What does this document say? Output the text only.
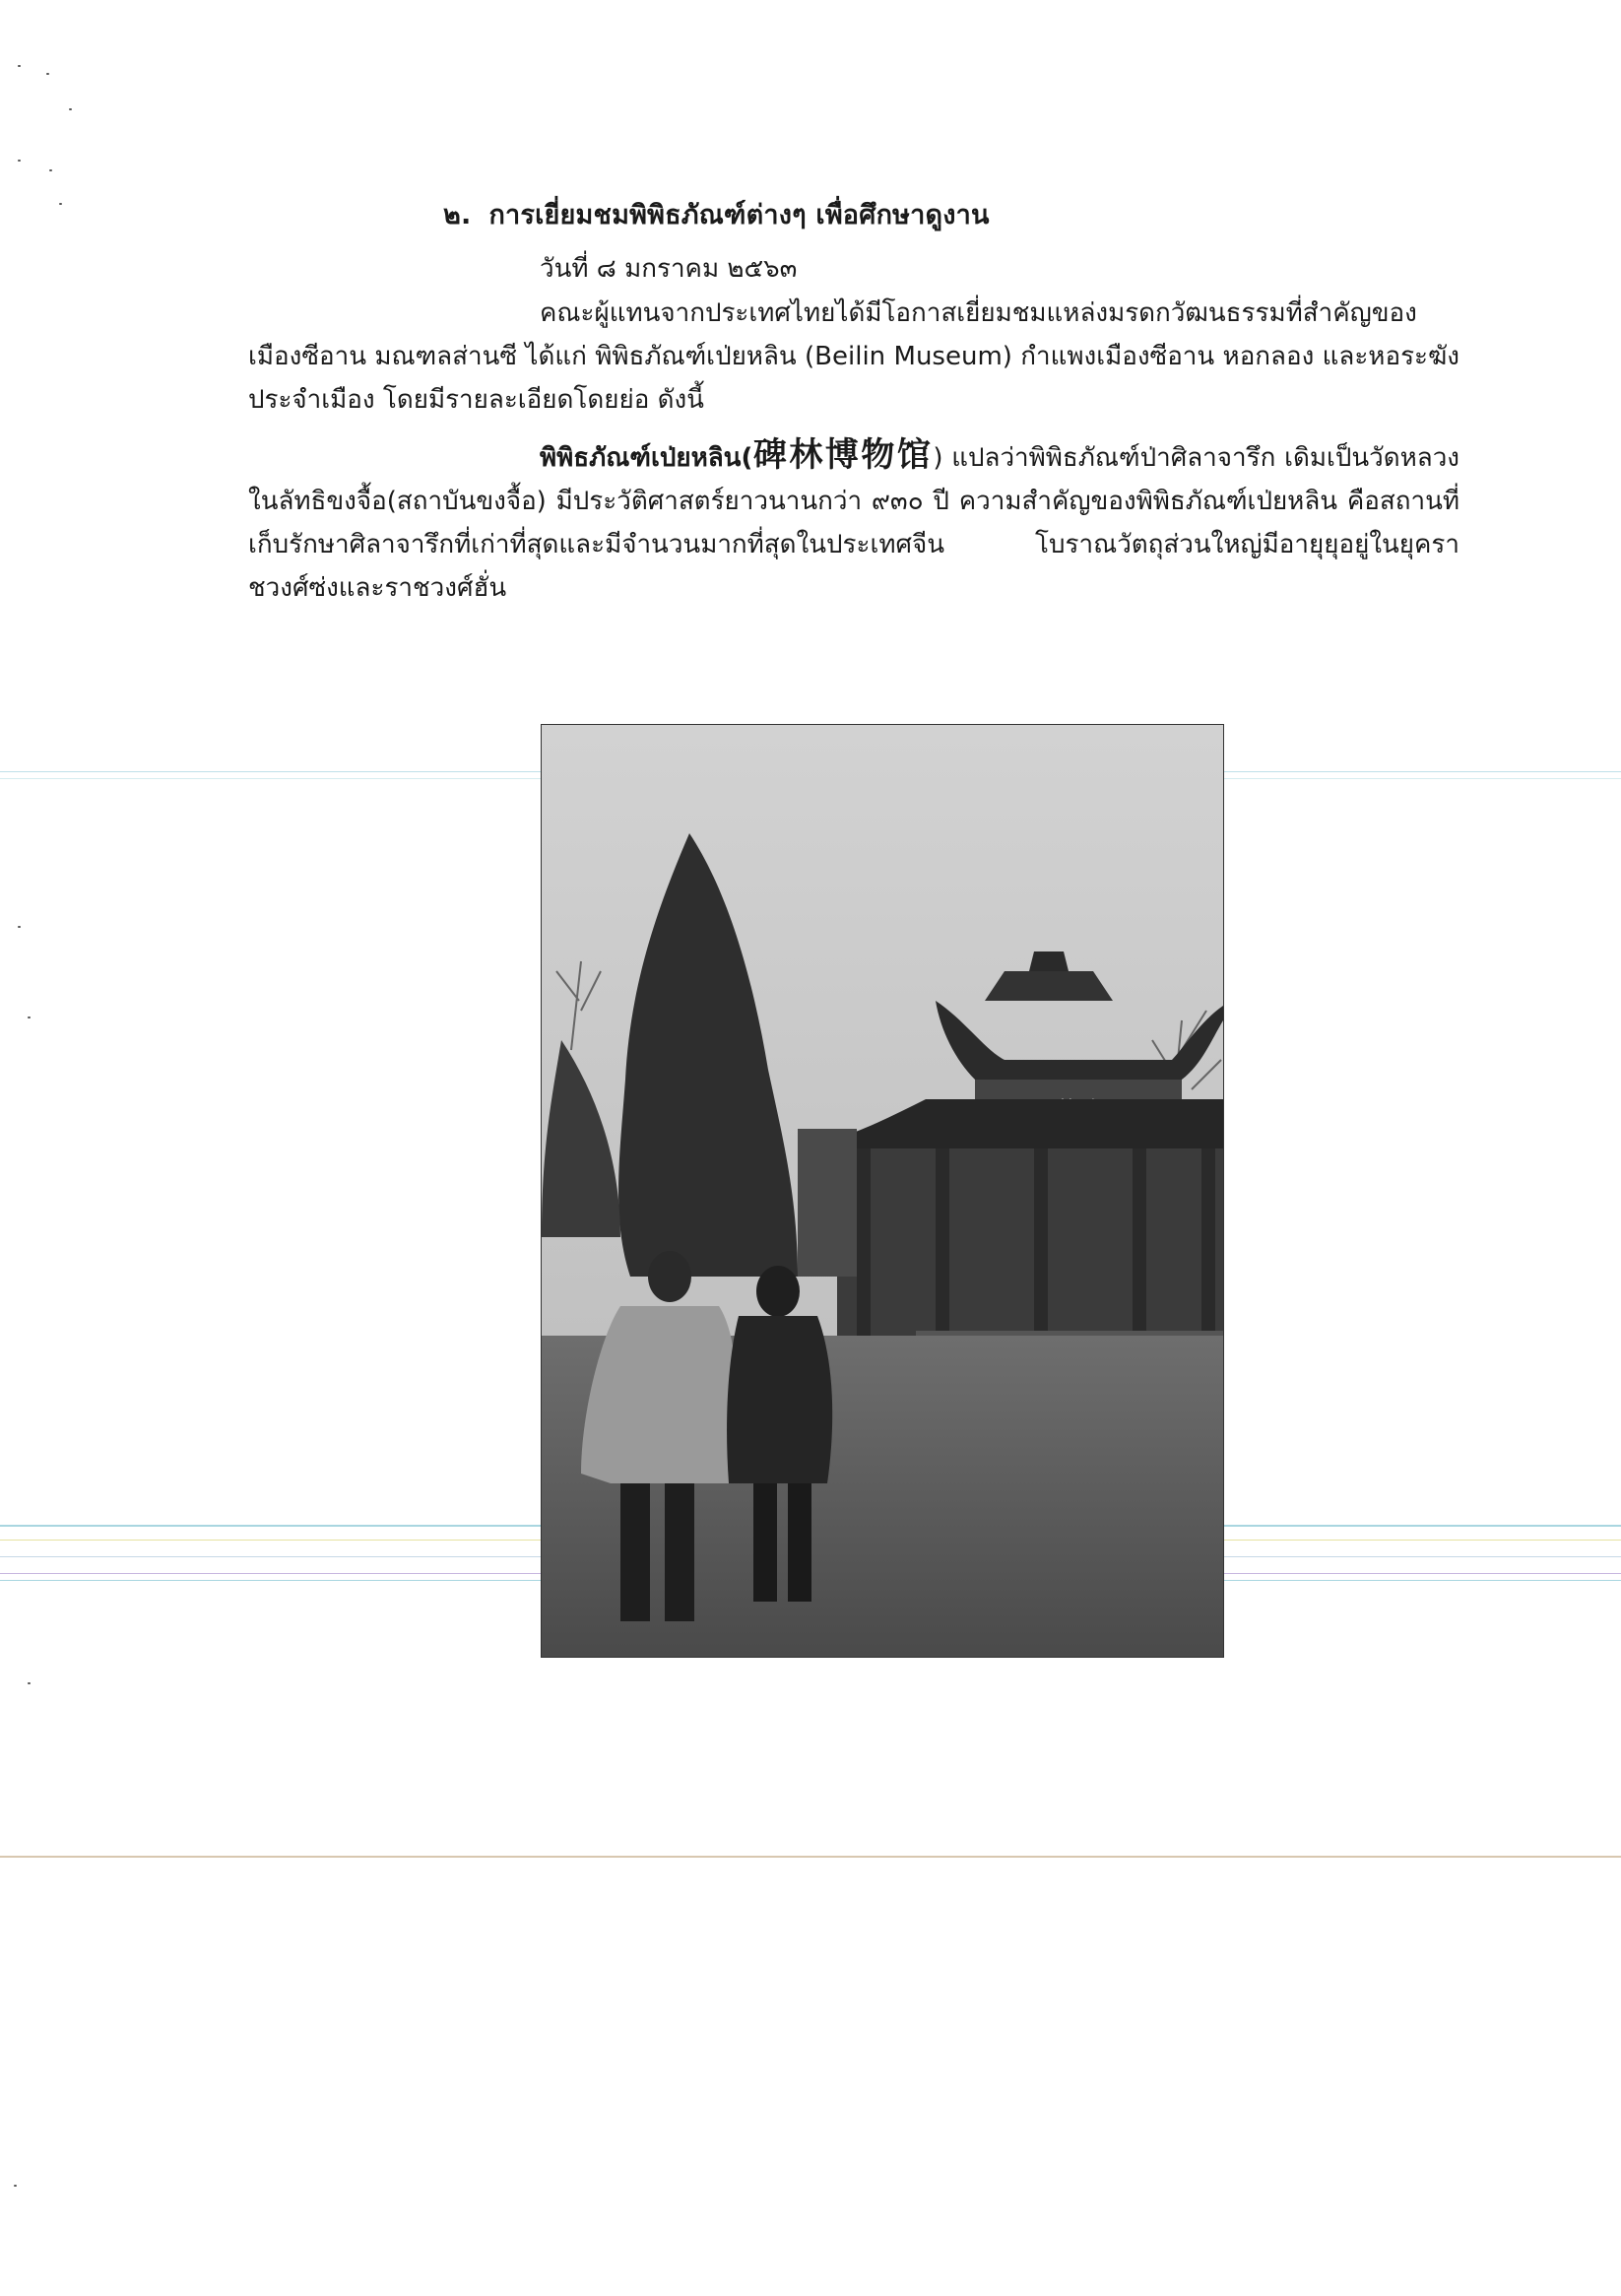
๒. การเยี่ยมชมพิพิธภัณฑ์ต่างๆ เพื่อศึกษาดูงาน
วันที่ ๘ มกราคม ๒๕๖๓
คณะผู้แทนจากประเทศไทยได้มีโอกาสเยี่ยมชมแหล่งมรดกวัฒนธรรมที่สำคัญของเมืองซีอาน มณฑลส่านซี ได้แก่ พิพิธภัณฑ์เป่ยหลิน (Beilin Museum) กำแพงเมืองซีอาน หอกลอง และหอระฆังประจำเมือง โดยมีรายละเอียดโดยย่อ ดังนี้
พิพิธภัณฑ์เป่ยหลิน(碑林博物馆) แปลว่าพิพิธภัณฑ์ป่าศิลาจารึก เดิมเป็นวัดหลวงในลัทธิขงจื้อ(สถาบันขงจื้อ) มีประวัติศาสตร์ยาวนานกว่า ๙๓๐ ปี ความสำคัญของพิพิธภัณฑ์เป่ยหลิน คือสถานที่เก็บรักษาศิลาจารึกที่เก่าที่สุดและมีจำนวนมากที่สุดในประเทศจีน โบราณวัตถุส่วนใหญ่มีอายุยุอยู่ในยุคราชวงศ์ซ่งและราชวงศ์ฮั่น
